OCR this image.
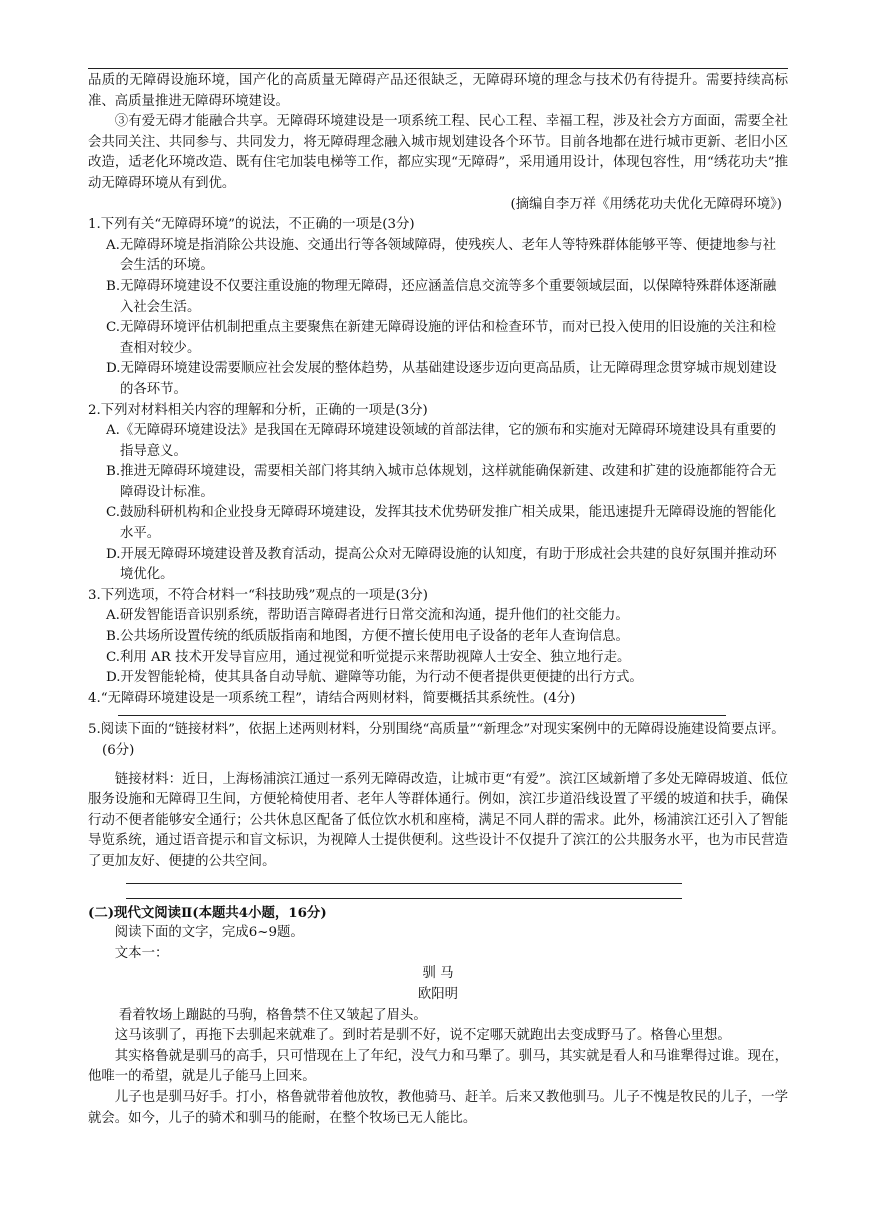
品质的无障碍设施环境，国产化的高质量无障碍产品还很缺乏，无障碍环境的理念与技术仍有待提升。需要持续高标准、高质量推进无障碍环境建设。

③有爱无碍才能融合共享。无障碍环境建设是一项系统工程、民心工程、幸福工程，涉及社会方方面面，需要全社会共同关注、共同参与、共同发力，将无障碍理念融入城市规划建设各个环节。目前各地都在进行城市更新、老旧小区改造，适老化环境改造、既有住宅加装电梯等工作，都应实现“无障碍”，采用通用设计，体现包容性，用“绣花功夫”推动无障碍环境从有到优。

(摘编自李万祥《用绣花功夫优化无障碍环境》)

1.下列有关“无障碍环境”的说法，不正确的一项是(3分)

A.无障碍环境是指消除公共设施、交通出行等各领域障碍，使残疾人、老年人等特殊群体能够平等、便捷地参与社会生活的环境。

B.无障碍环境建设不仅要注重设施的物理无障碍，还应涵盖信息交流等多个重要领域层面，以保障特殊群体逐渐融入社会生活。

C.无障碍环境评估机制把重点主要聚焦在新建无障碍设施的评估和检查环节，而对已投入使用的旧设施的关注和检查相对较少。

D.无障碍环境建设需要顺应社会发展的整体趋势，从基础建设逐步迈向更高品质，让无障碍理念贯穿城市规划建设的各环节。

2.下列对材料相关内容的理解和分析，正确的一项是(3分)

A.《无障碍环境建设法》是我国在无障碍环境建设领域的首部法律，它的颁布和实施对无障碍环境建设具有重要的指导意义。

B.推进无障碍环境建设，需要相关部门将其纳入城市总体规划，这样就能确保新建、改建和扩建的设施都能符合无障碍设计标准。

C.鼓励科研机构和企业投身无障碍环境建设，发挥其技术优势研发推广相关成果，能迅速提升无障碍设施的智能化水平。

D.开展无障碍环境建设普及教育活动，提高公众对无障碍设施的认知度，有助于形成社会共建的良好氛围并推动环境优化。

3.下列选项，不符合材料一“科技助残”观点的一项是(3分)

A.研发智能语音识别系统，帮助语言障碍者进行日常交流和沟通，提升他们的社交能力。

B.公共场所设置传统的纸质版指南和地图，方便不擅长使用电子设备的老年人查询信息。

C.利用 AR 技术开发导盲应用，通过视觉和听觉提示来帮助视障人士安全、独立地行走。

D.开发智能轮椅，使其具备自动导航、避障等功能，为行动不便者提供更便捷的出行方式。

4.“无障碍环境建设是一项系统工程”，请结合两则材料，简要概括其系统性。(4分)

5.阅读下面的“链接材料”，依据上述两则材料，分别围绕“高质量”“新理念”对现实案例中的无障碍设施建设简要点评。(6分)

链接材料：近日，上海杨浦滨江通过一系列无障碍改造，让城市更“有爱”。滨江区域新增了多处无障碍坡道、低位服务设施和无障碍卫生间，方便轮椅使用者、老年人等群体通行。例如，滨江步道沿线设置了平缓的坡道和扶手，确保行动不便者能够安全通行；公共休息区配备了低位饮水机和座椅，满足不同人群的需求。此外，杨浦滨江还引入了智能导览系统，通过语音提示和盲文标识，为视障人士提供便利。这些设计不仅提升了滨江的公共服务水平，也为市民营造了更加友好、便捷的公共空间。

(二)现代文阅读Ⅱ(本题共4小题，16分)

阅读下面的文字，完成6~9题。

文本一：

驯 马

欧阳明

看着牧场上蹦跶的马驹，格鲁禁不住又皱起了眉头。

这马该驯了，再拖下去驯起来就难了。到时若是驯不好，说不定哪天就跑出去变成野马了。格鲁心里想。

其实格鲁就是驯马的高手，只可惜现在上了年纪，没气力和马犟了。驯马，其实就是看人和马谁犟得过谁。现在，他唯一的希望，就是儿子能马上回来。

儿子也是驯马好手。打小，格鲁就带着他放牧，教他骑马、赶羊。后来又教他驯马。儿子不愧是牧民的儿子，一学就会。如今，儿子的骑术和驯马的能耐，在整个牧场已无人能比。
